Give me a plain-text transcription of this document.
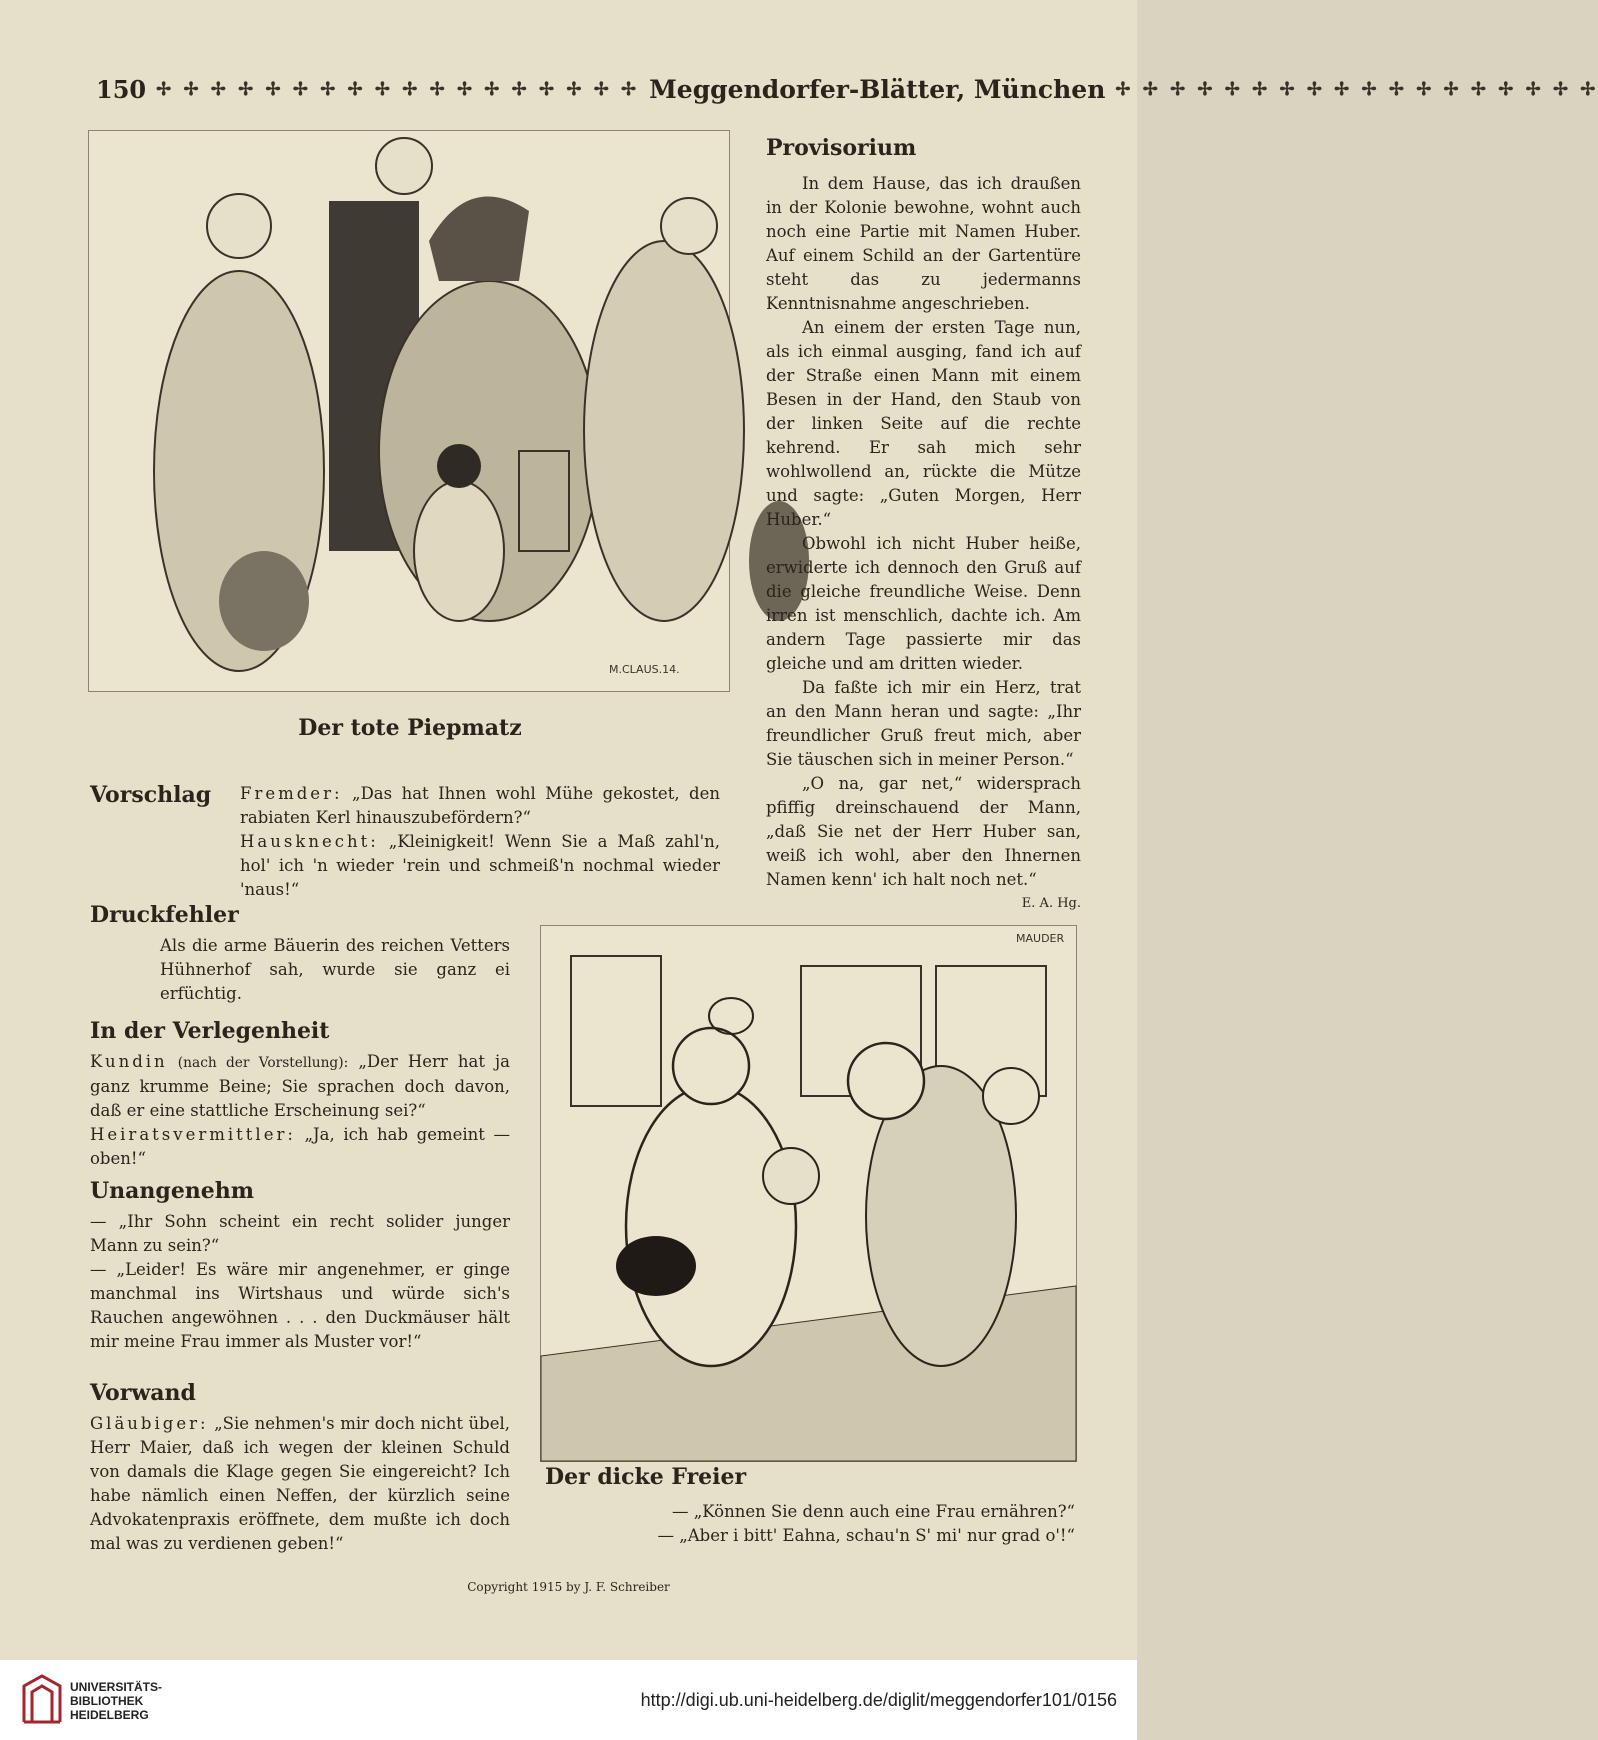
150 ✢ ✢ ✢ ✢ ✢ ✢ ✢ ✢ ✢ ✢ ✢ ✢ ✢ ✢ ✢ ✢ ✢ ✢ Meggendorfer-Blätter, München ✢ ✢ ✢ ✢ ✢ ✢ ✢ ✢ ✢ ✢ ✢ ✢ ✢ ✢ ✢ ✢ ✢ ✢
M.CLAUS.14.
Der tote Piepmatz
Provisorium

In dem Hause, das ich draußen in der Kolonie bewohne, wohnt auch noch eine Partie mit Namen Huber. Auf einem Schild an der Gartentüre steht das zu jedermanns Kenntnisnahme angeschrieben.

An einem der ersten Tage nun, als ich einmal ausging, fand ich auf der Straße einen Mann mit einem Besen in der Hand, den Staub von der linken Seite auf die rechte kehrend. Er sah mich sehr wohlwollend an, rückte die Mütze und sagte: „Guten Morgen, Herr Huber.“

Obwohl ich nicht Huber heiße, erwiderte ich dennoch den Gruß auf die gleiche freundliche Weise. Denn irren ist menschlich, dachte ich. Am andern Tage passierte mir das gleiche und am dritten wieder.

Da faßte ich mir ein Herz, trat an den Mann heran und sagte: „Ihr freundlicher Gruß freut mich, aber Sie täuschen sich in meiner Person.“

„O na, gar net,“ widersprach pfiffig dreinschauend der Mann, „daß Sie net der Herr Huber san, weiß ich wohl, aber den Ihnernen Namen kenn' ich halt noch net.“
E. A. Hg.

Vorschlag Fremder: „Das hat Ihnen wohl Mühe gekostet, den rabiaten Kerl hinauszubefördern?“
Hausknecht: „Kleinigkeit! Wenn Sie a Maß zahl'n, hol' ich 'n wieder 'rein und schmeiß'n nochmal wieder 'naus!“
Druckfehler

Als die arme Bäuerin des reichen Vetters Hühnerhof sah, wurde sie ganz ei erfüchtig.

In der Verlegenheit
Kundin (nach der Vorstellung): „Der Herr hat ja ganz krumme Beine; Sie sprachen doch davon, daß er eine stattliche Erscheinung sei?“
Heiratsvermittler: „Ja, ich hab gemeint — oben!“
Unangenehm
— „Ihr Sohn scheint ein recht solider junger Mann zu sein?“
— „Leider! Es wäre mir angenehmer, er ginge manchmal ins Wirtshaus und würde sich's Rauchen angewöhnen . . . den Duckmäuser hält mir meine Frau immer als Muster vor!“
Vorwand
Gläubiger: „Sie nehmen's mir doch nicht übel, Herr Maier, daß ich wegen der kleinen Schuld von damals die Klage gegen Sie eingereicht? Ich habe nämlich einen Neffen, der kürzlich seine Advokatenpraxis eröffnete, dem mußte ich doch mal was zu verdienen geben!“
MAUDER
Der dicke Freier
— „Können Sie denn auch eine Frau ernähren?“
— „Aber i bitt' Eahna, schau'n S' mi' nur grad o'!“
Copyright 1915 by J. F. Schreiber
UNIVERSITÄTS-
BIBLIOTHEK
HEIDELBERG
http://digi.ub.uni-heidelberg.de/diglit/meggendorfer101/0156
